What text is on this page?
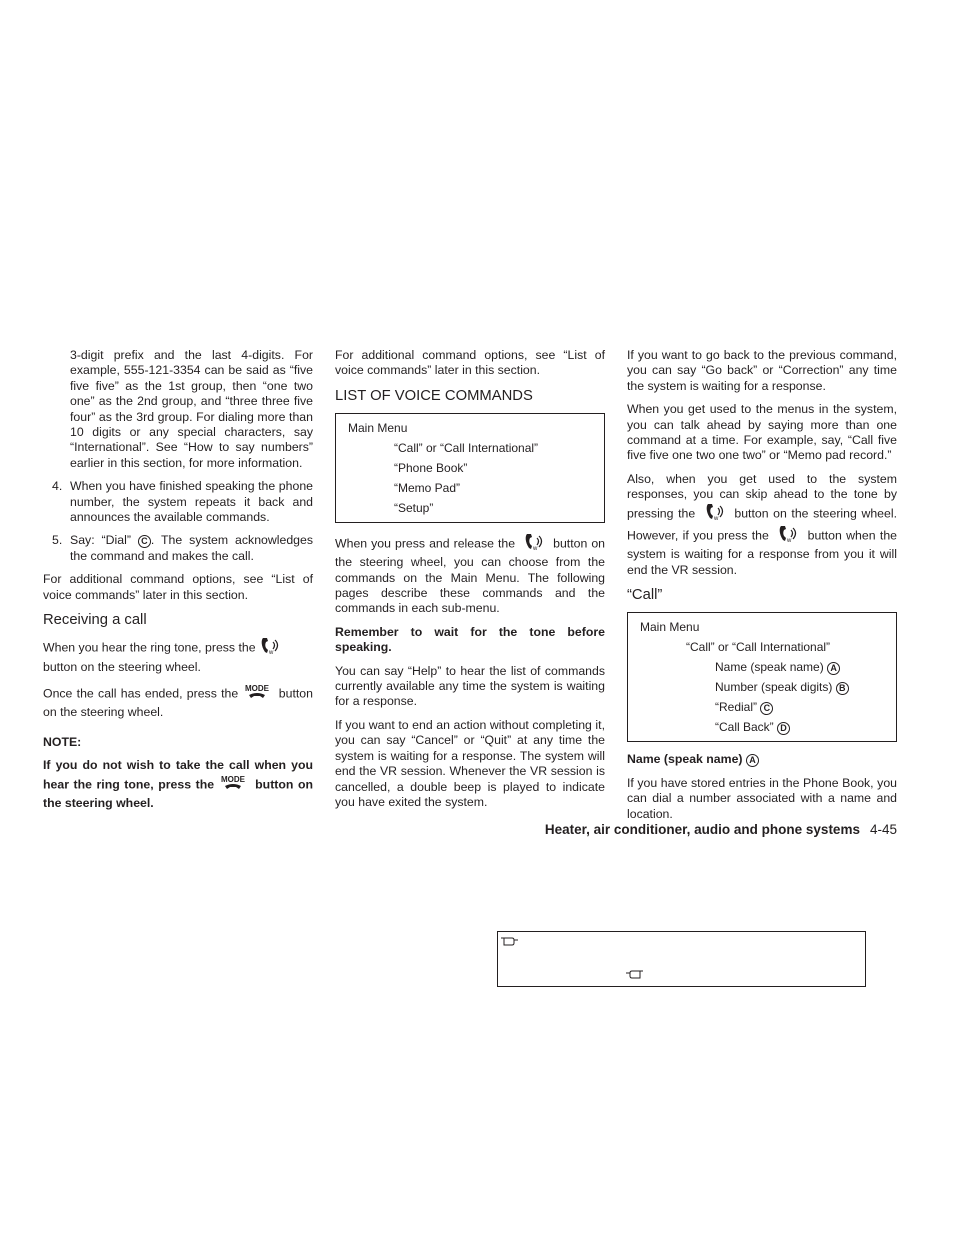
3-digit prefix and the last 4-digits. For example, 555-121-3354 can be said as “five five five” as the 1st group, then “one two one” as the 2nd group, and “three three five four” as the 3rd group. For dialing more than 10 digits or any special characters, say “International”. See “How to say numbers” earlier in this section, for more information.

4. When you have finished speaking the phone number, the system repeats it back and announces the available commands.
5. Say: “Dial” C . The system acknowledges the command and makes the call.

For additional command options, see “List of voice commands” later in this section.

Receiving a call

When you hear the ring tone, press the w

button on the steering wheel.

Once the call has ended, press the MODE button on the steering wheel.

NOTE:

If you do not wish to take the call when you hear the ring tone, press the MODE button on the steering wheel.

For additional command options, see “List of voice commands” later in this section.

LIST OF VOICE COMMANDS
Main Menu
“Call” or “Call International”
“Phone Book”
“Memo Pad”
“Setup”

When you press and release the	w button on the steering wheel, you can choose from the commands on the Main Menu. The following pages describe these commands and the commands in each sub-menu.

Remember to wait for the tone before speaking.

You can say “Help” to hear the list of commands currently available any time the system is waiting for a response.

If you want to end an action without completing it, you can say “Cancel” or “Quit” at any time the system is waiting for a response. The system will end the VR session. Whenever the VR session is cancelled, a double beep is played to indicate you have exited the system.

If you want to go back to the previous command, you can say “Go back” or “Correction” any time the system is waiting for a response.

When you get used to the menus in the system, you can talk ahead by saying more than one command at a time. For example, say, “Call five five five one two one two” or “Memo pad record.”

Also, when you get used to the system responses, you can skip ahead to the tone by pressing the	w button on the steering wheel. However, if you press the	w button when the system is waiting for a response from you it will end the VR session.

“Call”
Main Menu
“Call” or “Call International”
Name (speak name) A
Number (speak digits) B
“Redial” C
“Call Back” D

Name (speak name) A

If you have stored entries in the Phone Book, you can dial a number associated with a name and location.

Heater, air conditioner, audio and phone systems 4-45
